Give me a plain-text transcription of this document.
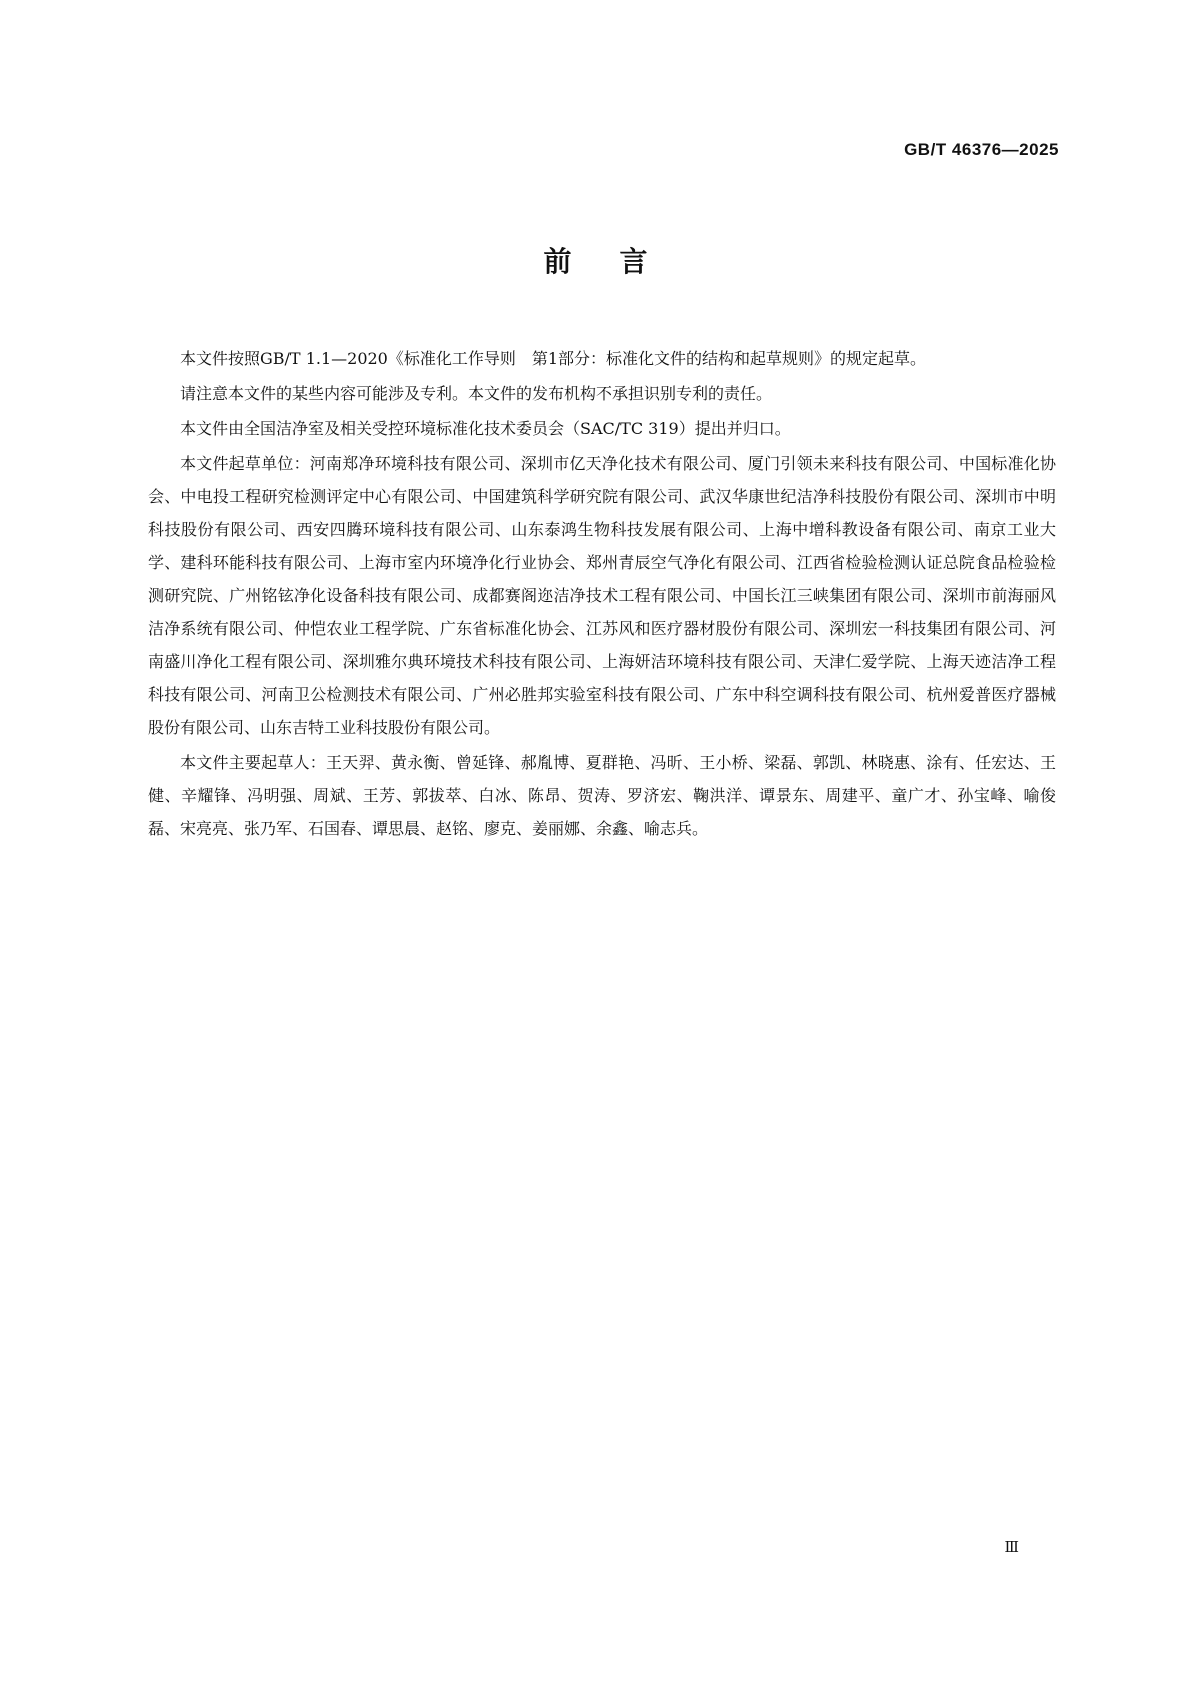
GB/T 46376—2025

前言

本文件按照GB/T 1.1—2020《标准化工作导则　第1部分：标准化文件的结构和起草规则》的规定起草。

请注意本文件的某些内容可能涉及专利。本文件的发布机构不承担识别专利的责任。

本文件由全国洁净室及相关受控环境标准化技术委员会（SAC/TC 319）提出并归口。

本文件起草单位：河南郑净环境科技有限公司、深圳市亿天净化技术有限公司、厦门引领未来科技有限公司、中国标准化协会、中电投工程研究检测评定中心有限公司、中国建筑科学研究院有限公司、武汉华康世纪洁净科技股份有限公司、深圳市中明科技股份有限公司、西安四腾环境科技有限公司、山东泰鸿生物科技发展有限公司、上海中增科教设备有限公司、南京工业大学、建科环能科技有限公司、上海市室内环境净化行业协会、郑州青辰空气净化有限公司、江西省检验检测认证总院食品检验检测研究院、广州铭铉净化设备科技有限公司、成都赛阁迩洁净技术工程有限公司、中国长江三峡集团有限公司、深圳市前海丽风洁净系统有限公司、仲恺农业工程学院、广东省标准化协会、江苏风和医疗器材股份有限公司、深圳宏一科技集团有限公司、河南盛川净化工程有限公司、深圳雅尔典环境技术科技有限公司、上海妍洁环境科技有限公司、天津仁爱学院、上海天迹洁净工程科技有限公司、河南卫公检测技术有限公司、广州必胜邦实验室科技有限公司、广东中科空调科技有限公司、杭州爱普医疗器械股份有限公司、山东吉特工业科技股份有限公司。

本文件主要起草人：王天羿、黄永衡、曾延锋、郝胤博、夏群艳、冯昕、王小桥、梁磊、郭凯、林晓惠、涂有、任宏达、王健、辛耀锋、冯明强、周斌、王芳、郭拔萃、白冰、陈昂、贺涛、罗济宏、鞠洪洋、谭景东、周建平、童广才、孙宝峰、喻俊磊、宋亮亮、张乃军、石国春、谭思晨、赵铭、廖克、姜丽娜、余鑫、喻志兵。

Ⅲ
